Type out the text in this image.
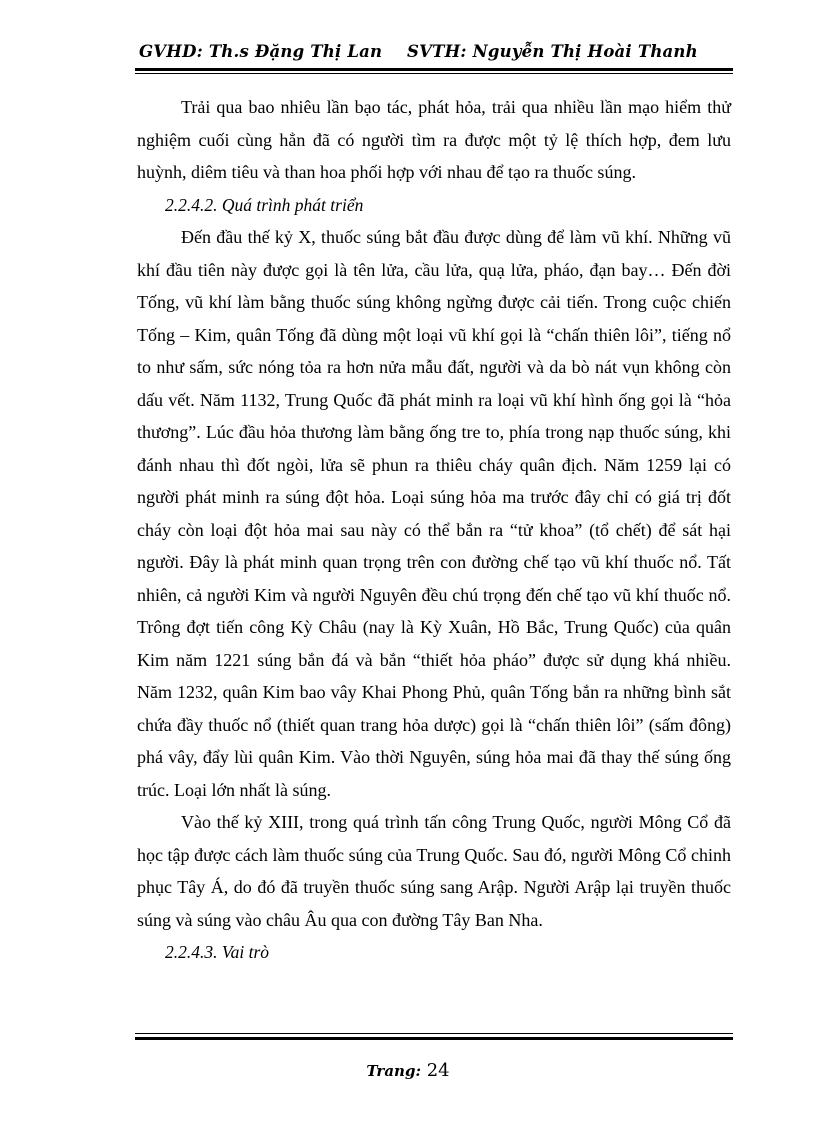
GVHD: Th.s Đặng Thị Lan SVTH: Nguyễn Thị Hoài Thanh

Trải qua bao nhiêu lần bạo tác, phát hỏa, trải qua nhiều lần mạo hiểm thử nghiệm cuối cùng hẳn đã có người tìm ra được một tỷ lệ thích hợp, đem lưu huỳnh, diêm tiêu và than hoa phối hợp với nhau để tạo ra thuốc súng.

2.2.4.2. Quá trình phát triển

Đến đầu thế kỷ X, thuốc súng bắt đầu được dùng để làm vũ khí. Những vũ khí đầu tiên này được gọi là tên lửa, cầu lửa, quạ lửa, pháo, đạn bay… Đến đời Tống, vũ khí làm bằng thuốc súng không ngừng được cải tiến. Trong cuộc chiến Tống – Kim, quân Tống đã dùng một loại vũ khí gọi là “chấn thiên lôi”, tiếng nổ to như sấm, sức nóng tỏa ra hơn nửa mẫu đất, người và da bò nát vụn không còn dấu vết. Năm 1132, Trung Quốc đã phát minh ra loại vũ khí hình ống gọi là “hỏa thương”. Lúc đầu hỏa thương làm bằng ống tre to, phía trong nạp thuốc súng, khi đánh nhau thì đốt ngòi, lửa sẽ phun ra thiêu cháy quân địch. Năm 1259 lại có người phát minh ra súng đột hỏa. Loại súng hỏa ma trước đây chỉ có giá trị đốt cháy còn loại đột hỏa mai sau này có thể bắn ra “tử khoa” (tổ chết) để sát hại người. Đây là phát minh quan trọng trên con đường chế tạo vũ khí thuốc nổ. Tất nhiên, cả người Kim và người Nguyên đều chú trọng đến chế tạo vũ khí thuốc nổ. Trông đợt tiến công Kỳ Châu (nay là Kỳ Xuân, Hồ Bắc, Trung Quốc) của quân Kim năm 1221 súng bắn đá và bắn “thiết hỏa pháo” được sử dụng khá nhiều. Năm 1232, quân Kim bao vây Khai Phong Phủ, quân Tống bắn ra những bình sắt chứa đầy thuốc nổ (thiết quan trang hỏa dược) gọi là “chấn thiên lôi” (sấm đông) phá vây, đẩy lùi quân Kim. Vào thời Nguyên, súng hỏa mai đã thay thế súng ống trúc. Loại lớn nhất là súng.

Vào thế kỷ XIII, trong quá trình tấn công Trung Quốc, người Mông Cổ đã học tập được cách làm thuốc súng của Trung Quốc. Sau đó, người Mông Cổ chinh phục Tây Á, do đó đã truyền thuốc súng sang Arập. Người Arập lại truyền thuốc súng và súng vào châu Âu qua con đường Tây Ban Nha.

2.2.4.3. Vai trò

Trang: 24
